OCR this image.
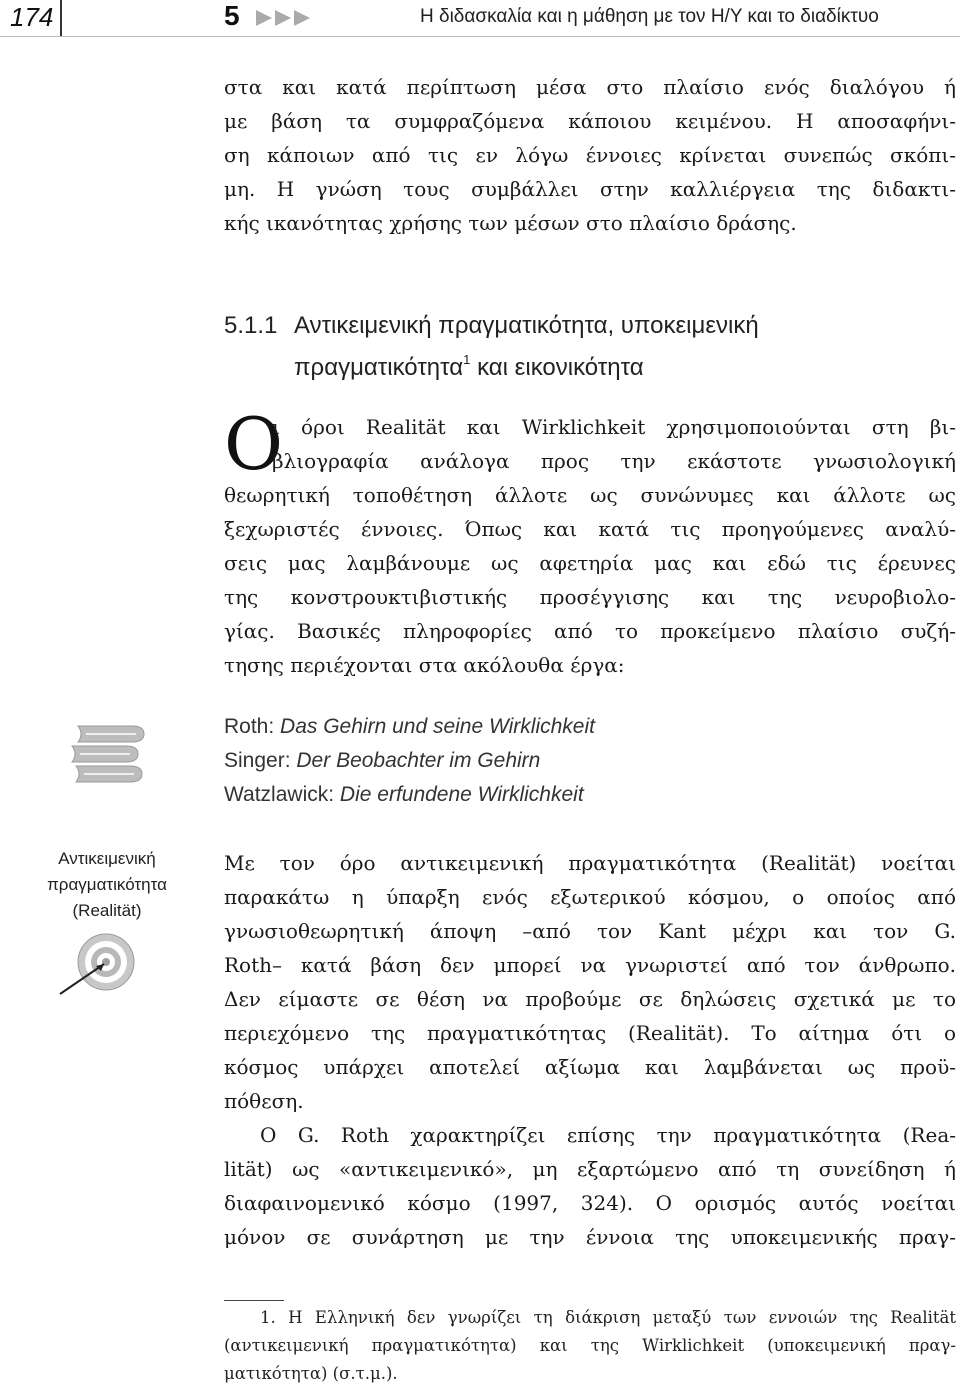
174	5	Η διδασκαλία και η μάθηση με τον Η/Υ και το διαδίκτυο
στα και κατά περίπτωση μέσα στο πλαίσιο ενός διαλόγου ή
με βάση τα συμφραζόμενα κάποιου κειμένου. Η αποσαφήνι-
ση κάποιων από τις εν λόγω έννοιες κρίνεται συνεπώς σκόπι-
μη. Η γνώση τους συμβάλλει στην καλλιέργεια της διδακτι-
κής ικανότητας χρήσης των μέσων στο πλαίσιο δράσης.
5.1.1 Αντικειμενική πραγματικότητα, υποκειμενική
πραγματικότητα$^1$ και εικονικότητα
Ο
ι όροι Realität και Wirklichkeit χρησιμοποιούνται στη βι-
βλιογραφία ανάλογα προς την εκάστοτε γνωσιολογική
θεωρητική τοποθέτηση άλλοτε ως συνώνυμες και άλλοτε ως
ξεχωριστές έννοιες. Όπως και κατά τις προηγούμενες αναλύ-
σεις μας λαμβάνουμε ως αφετηρία μας και εδώ τις έρευνες
της κονστρουκτιβιστικής προσέγγισης και της νευροβιολο-
γίας. Βασικές πληροφορίες από το προκείμενο πλαίσιο συζή-
τησης περιέχονται στα ακόλουθα έργα:
Roth: Das Gehirn und seine Wirklichkeit
Singer: Der Beobachter im Gehirn
Watzlawick: Die erfundene Wirklichkeit
Αντικειμενική
πραγματικότητα
(Realität)
Με τον όρο αντικειμενική πραγματικότητα (Realität) νοείται
παρακάτω η ύπαρξη ενός εξωτερικού κόσμου, ο οποίος από
γνωσιοθεωρητική άποψη –από τον Kant μέχρι και τον G.
Roth– κατά βάση δεν μπορεί να γνωριστεί από τον άνθρωπο.
Δεν είμαστε σε θέση να προβούμε σε δηλώσεις σχετικά με το
περιεχόμενο της πραγματικότητας (Realität). Το αίτημα ότι ο
κόσμος υπάρχει αποτελεί αξίωμα και λαμβάνεται ως προϋ-
πόθεση.
Ο G. Roth χαρακτηρίζει επίσης την πραγματικότητα (Rea-
lität) ως «αντικειμενικό», μη εξαρτώμενο από τη συνείδηση ή
διαφαινομενικό κόσμο (1997, 324). Ο ορισμός αυτός νοείται
μόνον σε συνάρτηση με την έννοια της υποκειμενικής πραγ-
1. Η Ελληνική δεν γνωρίζει τη διάκριση μεταξύ των εννοιών της Realität
(αντικειμενική πραγματικότητα) και της Wirklichkeit (υποκειμενική πραγ-
ματικότητα) (σ.τ.μ.).
